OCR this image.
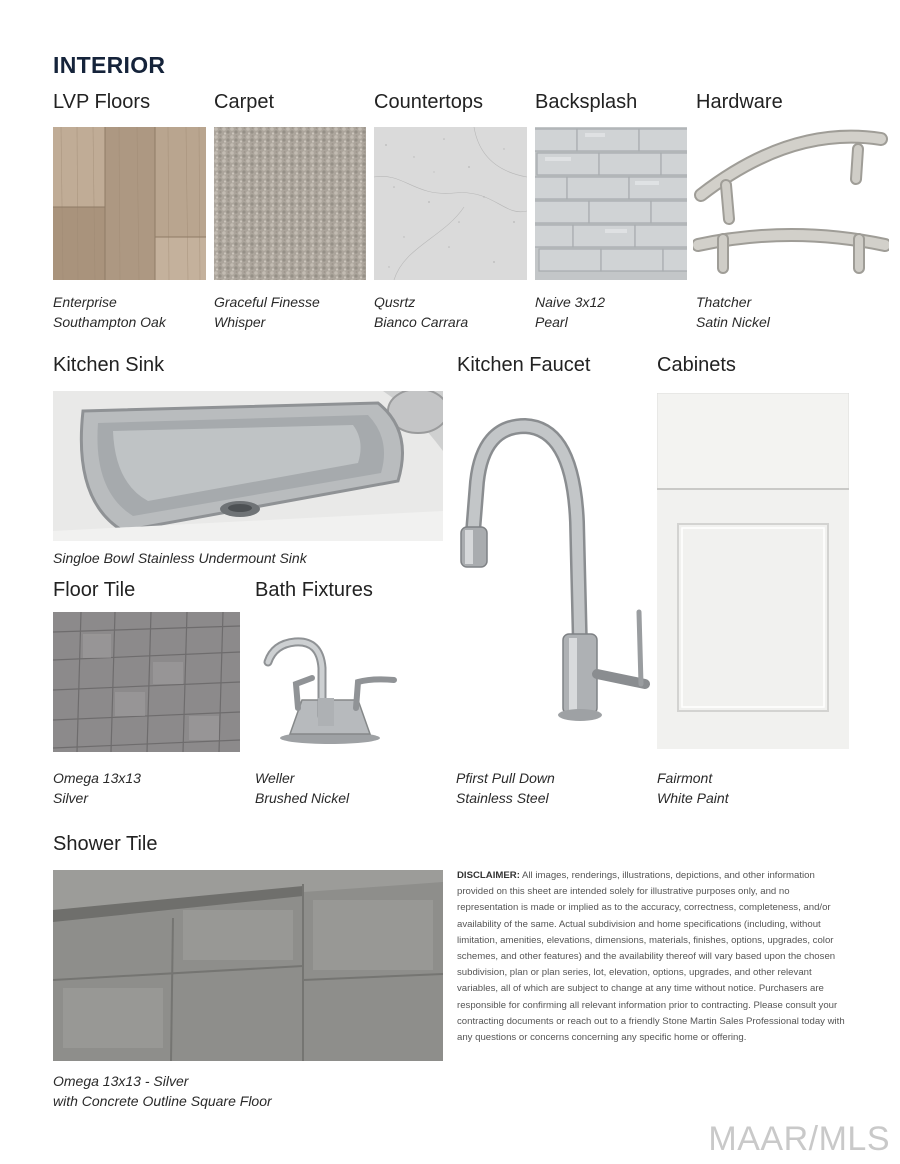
INTERIOR
LVP Floors	Carpet	Countertops	Backsplash	Hardware
Enterprise
Southampton Oak
Graceful Finesse
Whisper
Qusrtz
Bianco Carrara
Naive 3x12
Pearl
Thatcher
Satin Nickel
Kitchen Sink	Kitchen Faucet	Cabinets
Singloe Bowl Stainless Undermount Sink
Floor Tile	Bath Fixtures
Omega 13x13
Silver
Weller
Brushed Nickel
Pfirst Pull Down
Stainless Steel
Fairmont
White Paint
Shower Tile
Omega 13x13 - Silver
with Concrete Outline Square Floor
DISCLAIMER: All images, renderings, illustrations, depictions, and other information provided on this sheet are intended solely for illustrative purposes only, and no representation is made or implied as to the accuracy, correctness, completeness, and/or availability of the same. Actual subdivision and home specifications (including, without limitation, amenities, elevations, dimensions, materials, finishes, options, upgrades, color schemes, and other features) and the availability thereof will vary based upon the chosen subdivision, plan or plan series, lot, elevation, options, upgrades, and other relevant variables, all of which are subject to change at any time without notice. Purchasers are responsible for confirming all relevant information prior to contracting. Please consult your contracting documents or reach out to a friendly Stone Martin Sales Professional today with any questions or concerns concerning any specific home or offering.
MAAR/MLS
